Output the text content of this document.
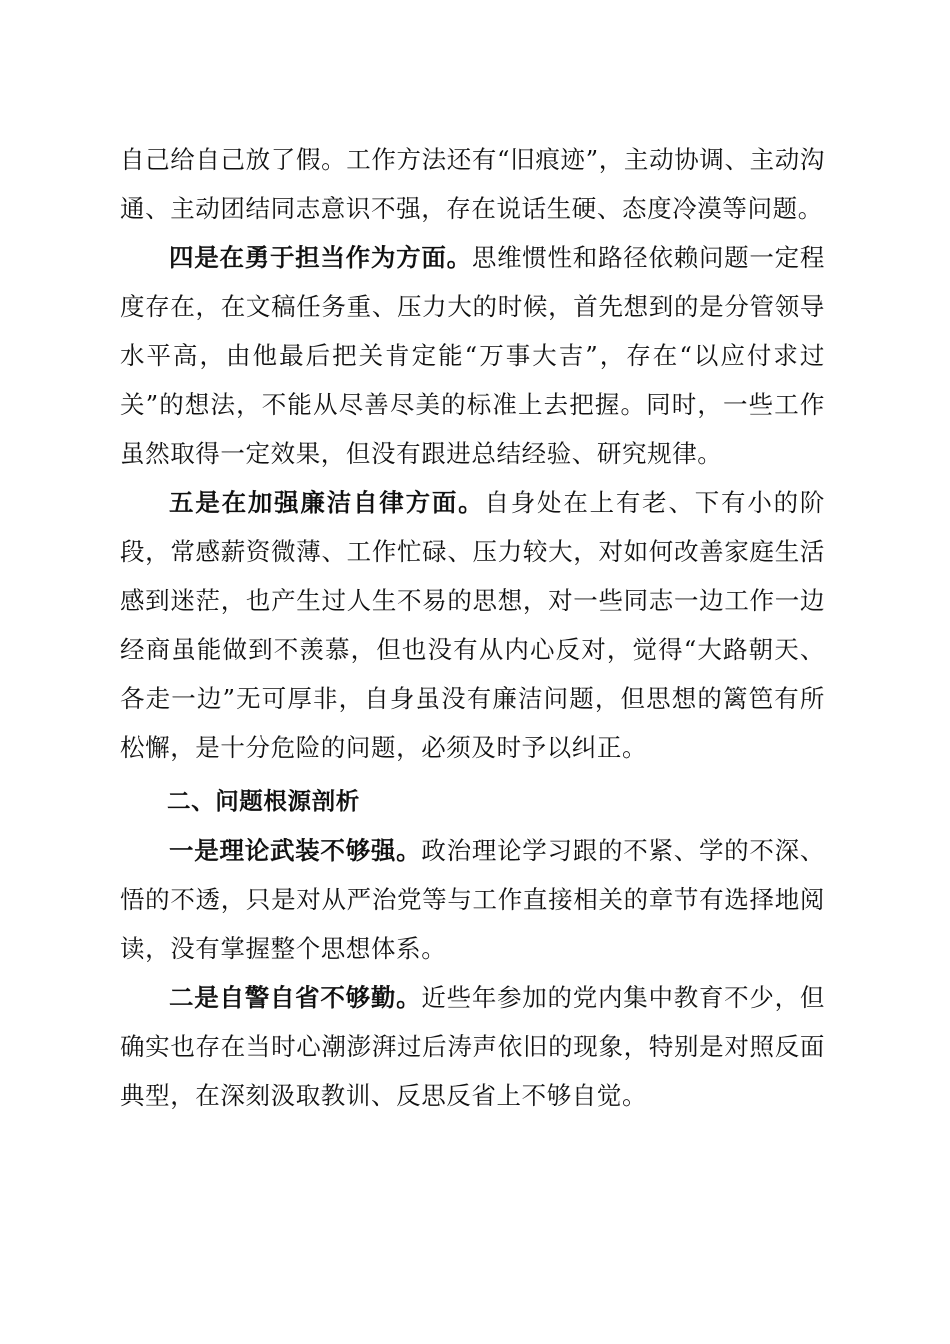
自己给自己放了假。工作方法还有“旧痕迹”，主动协调、主动沟通、主动团结同志意识不强，存在说话生硬、态度冷漠等问题。

四是在勇于担当作为方面。思维惯性和路径依赖问题一定程度存在，在文稿任务重、压力大的时候，首先想到的是分管领导水平高，由他最后把关肯定能“万事大吉”，存在“以应付求过关”的想法，不能从尽善尽美的标准上去把握。同时，一些工作虽然取得一定效果，但没有跟进总结经验、研究规律。

五是在加强廉洁自律方面。自身处在上有老、下有小的阶段，常感薪资微薄、工作忙碌、压力较大，对如何改善家庭生活感到迷茫，也产生过人生不易的思想，对一些同志一边工作一边经商虽能做到不羡慕，但也没有从内心反对，觉得“大路朝天、各走一边”无可厚非，自身虽没有廉洁问题，但思想的篱笆有所松懈，是十分危险的问题，必须及时予以纠正。

二、问题根源剖析

一是理论武装不够强。政治理论学习跟的不紧、学的不深、悟的不透，只是对从严治党等与工作直接相关的章节有选择地阅读，没有掌握整个思想体系。

二是自警自省不够勤。近些年参加的党内集中教育不少，但确实也存在当时心潮澎湃过后涛声依旧的现象，特别是对照反面典型，在深刻汲取教训、反思反省上不够自觉。
